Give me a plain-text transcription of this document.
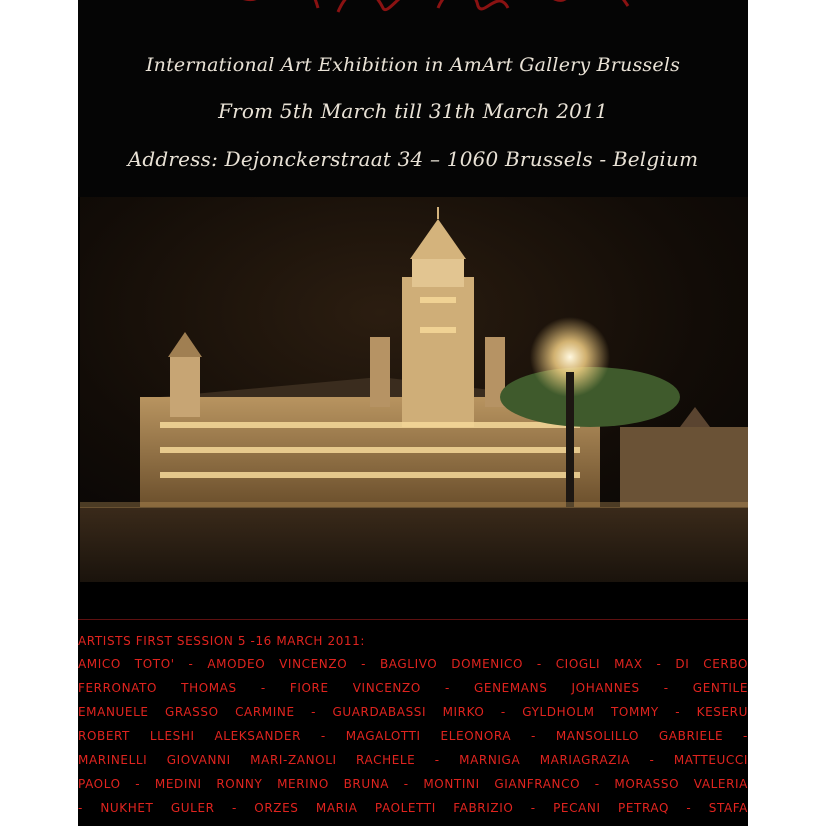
International Art Exhibition in AmArt Gallery Brussels
From 5th March till 31th March 2011
Address: Dejonckerstraat 34 – 1060 Brussels - Belgium
ARTISTS FIRST SESSION 5 -16 MARCH 2011:
AMICO TOTO' - AMODEO VINCENZO - BAGLIVO DOMENICO - CIOGLI MAX - DI CERBO
FERRONATO THOMAS - FIORE VINCENZO - GENEMANS JOHANNES - GENTILE
EMANUELE GRASSO CARMINE - GUARDABASSI MIRKO - GYLDHOLM TOMMY - KESERU
ROBERT LLESHI ALEKSANDER - MAGALOTTI ELEONORA - MANSOLILLO GABRIELE -
MARINELLI GIOVANNI MARI-ZANOLI RACHELE - MARNIGA MARIAGRAZIA - MATTEUCCI
PAOLO - MEDINI RONNY MERINO BRUNA - MONTINI GIANFRANCO - MORASSO VALERIA
- NUKHET GULER - ORZES MARIA PAOLETTI FABRIZIO - PECANI PETRAQ - STAFA
